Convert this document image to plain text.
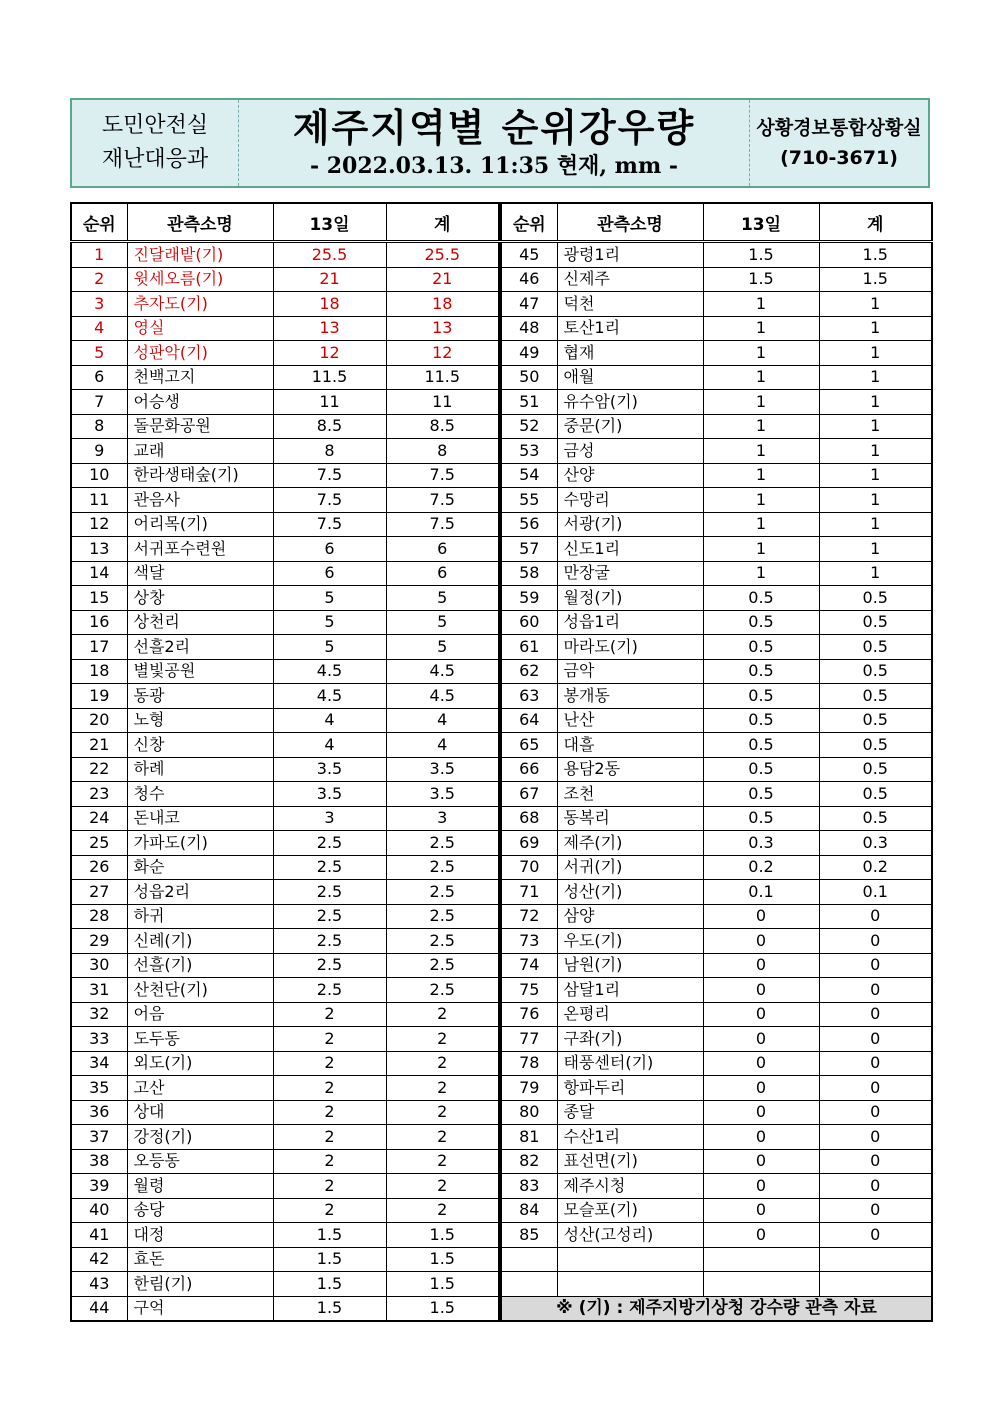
도민안전실
재난대응과
제주지역별 순위강우량
- 2022.03.13. 11:35 현재, mm -
상황경보통합상황실
(710-3671)
순위	관측소명	13일	계
1	진달래밭(기)	25.5	25.5
2	윗세오름(기)	21	21
3	추자도(기)	18	18
4	영실	13	13
5	성판악(기)	12	12
6	천백고지	11.5	11.5
7	어승생	11	11
8	돌문화공원	8.5	8.5
9	교래	8	8
10	한라생태숲(기)	7.5	7.5
11	관음사	7.5	7.5
12	어리목(기)	7.5	7.5
13	서귀포수련원	6	6
14	색달	6	6
15	상창	5	5
16	상천리	5	5
17	선흘2리	5	5
18	별빛공원	4.5	4.5
19	동광	4.5	4.5
20	노형	4	4
21	신창	4	4
22	하례	3.5	3.5
23	청수	3.5	3.5
24	돈내코	3	3
25	가파도(기)	2.5	2.5
26	화순	2.5	2.5
27	성읍2리	2.5	2.5
28	하귀	2.5	2.5
29	신례(기)	2.5	2.5
30	선흘(기)	2.5	2.5
31	산천단(기)	2.5	2.5
32	어음	2	2
33	도두동	2	2
34	외도(기)	2	2
35	고산	2	2
36	상대	2	2
37	강정(기)	2	2
38	오등동	2	2
39	월령	2	2
40	송당	2	2
41	대정	1.5	1.5
42	효돈	1.5	1.5
43	한림(기)	1.5	1.5
44	구억	1.5	1.5
순위	관측소명	13일	계
45	광령1리	1.5	1.5
46	신제주	1.5	1.5
47	덕천	1	1
48	토산1리	1	1
49	협재	1	1
50	애월	1	1
51	유수암(기)	1	1
52	중문(기)	1	1
53	금성	1	1
54	산양	1	1
55	수망리	1	1
56	서광(기)	1	1
57	신도1리	1	1
58	만장굴	1	1
59	월정(기)	0.5	0.5
60	성읍1리	0.5	0.5
61	마라도(기)	0.5	0.5
62	금악	0.5	0.5
63	봉개동	0.5	0.5
64	난산	0.5	0.5
65	대흘	0.5	0.5
66	용담2동	0.5	0.5
67	조천	0.5	0.5
68	동복리	0.5	0.5
69	제주(기)	0.3	0.3
70	서귀(기)	0.2	0.2
71	성산(기)	0.1	0.1
72	삼양	0	0
73	우도(기)	0	0
74	남원(기)	0	0
75	삼달1리	0	0
76	온평리	0	0
77	구좌(기)	0	0
78	태풍센터(기)	0	0
79	항파두리	0	0
80	종달	0	0
81	수산1리	0	0
82	표선면(기)	0	0
83	제주시청	0	0
84	모슬포(기)	0	0
85	성산(고성리)	0	0

※ (기) : 제주지방기상청 강수량 관측 자료			
